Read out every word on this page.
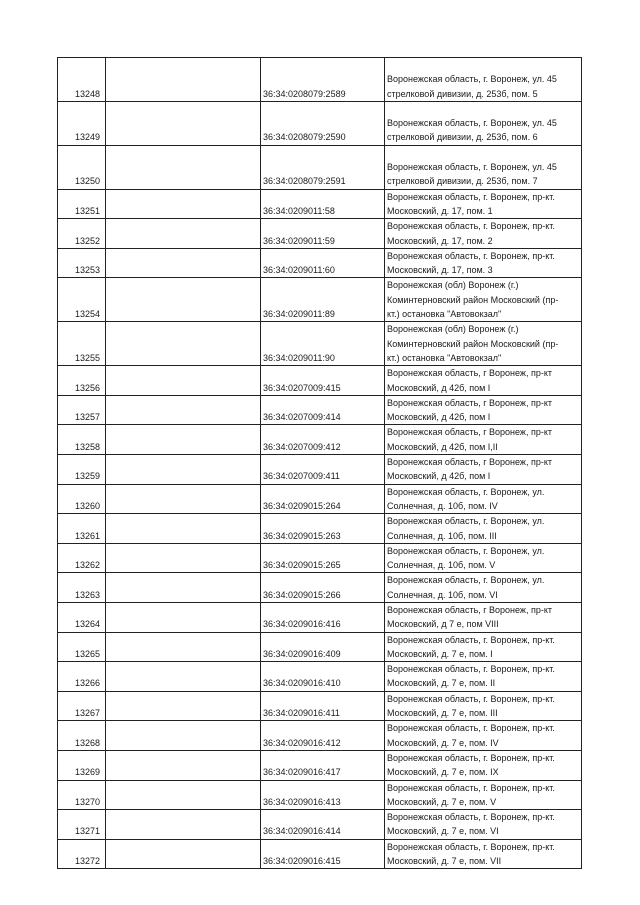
13248		36:34:0208079:2589	Воронежская область, г. Воронеж, ул. 45
стрелковой дивизии, д. 253б, пом. 5

13249		36:34:0208079:2590	Воронежская область, г. Воронеж, ул. 45
стрелковой дивизии, д. 253б, пом. 6

13250		36:34:0208079:2591	Воронежская область, г. Воронеж, ул. 45
стрелковой дивизии, д. 253б, пом. 7

13251		36:34:0209011:58	Воронежская область, г. Воронеж, пр-кт.
Московский, д. 17, пом. 1

13252		36:34:0209011:59	Воронежская область, г. Воронеж, пр-кт.
Московский, д. 17, пом. 2

13253		36:34:0209011:60	Воронежская область, г. Воронеж, пр-кт.
Московский, д. 17, пом. 3

13254		36:34:0209011:89	Воронежская (обл) Воронеж (г.)
Коминтерновский район Московский (пр-
кт.) остановка "Автовокзал"

13255		36:34:0209011:90	Воронежская (обл) Воронеж (г.)
Коминтерновский район Московский (пр-
кт.) остановка "Автовокзал"

13256		36:34:0207009:415	Воронежская область, г Воронеж, пр-кт
Московский, д 42б, пом I

13257		36:34:0207009:414	Воронежская область, г Воронеж, пр-кт
Московский, д 42б, пом I

13258		36:34:0207009:412	Воронежская область, г Воронеж, пр-кт
Московский, д 42б, пом I,II

13259		36:34:0207009:411	Воронежская область, г Воронеж, пр-кт
Московский, д 42б, пом I

13260		36:34:0209015:264	Воронежская область, г. Воронеж, ул.
Солнечная, д. 10б, пом. IV

13261		36:34:0209015:263	Воронежская область, г. Воронеж, ул.
Солнечная, д. 10б, пом. III

13262		36:34:0209015:265	Воронежская область, г. Воронеж, ул.
Солнечная, д. 10б, пом. V

13263		36:34:0209015:266	Воронежская область, г. Воронеж, ул.
Солнечная, д. 10б, пом. VI

13264		36:34:0209016:416	Воронежская область, г Воронеж, пр-кт
Московский, д 7 е, пом VIII

13265		36:34:0209016:409	Воронежская область, г. Воронеж, пр-кт.
Московский, д. 7 е, пом. I

13266		36:34:0209016:410	Воронежская область, г. Воронеж, пр-кт.
Московский, д. 7 е, пом. II

13267		36:34:0209016:411	Воронежская область, г. Воронеж, пр-кт.
Московский, д. 7 е, пом. III

13268		36:34:0209016:412	Воронежская область, г. Воронеж, пр-кт.
Московский, д. 7 е, пом. IV

13269		36:34:0209016:417	Воронежская область, г. Воронеж, пр-кт.
Московский, д. 7 е, пом. IX

13270		36:34:0209016:413	Воронежская область, г. Воронеж, пр-кт.
Московский, д. 7 е, пом. V

13271		36:34:0209016:414	Воронежская область, г. Воронеж, пр-кт.
Московский, д. 7 е, пом. VI

13272		36:34:0209016:415	Воронежская область, г. Воронеж, пр-кт.
Московский, д. 7 е, пом. VII
